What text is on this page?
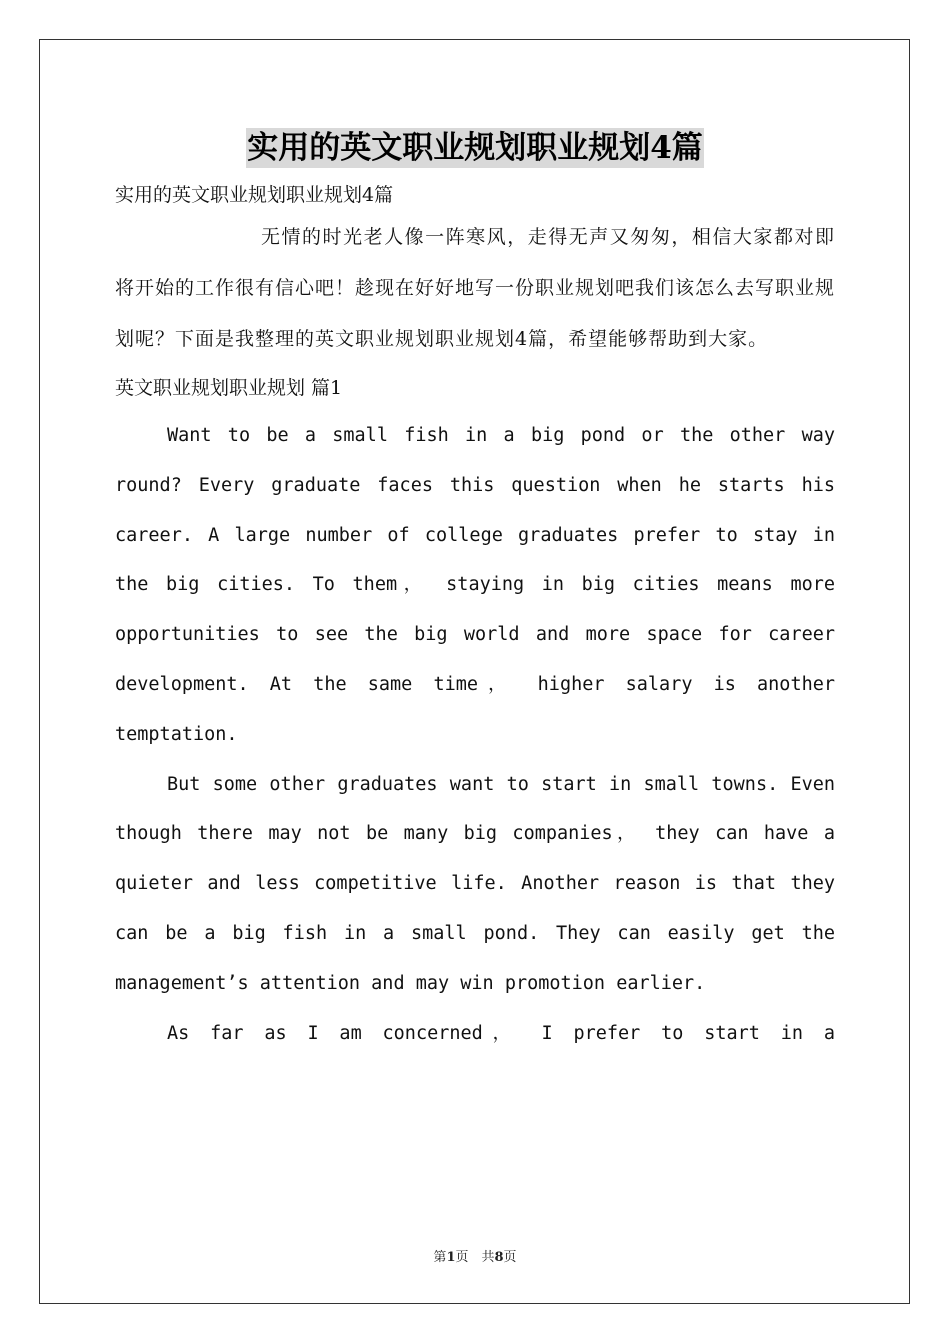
实用的英文职业规划职业规划4篇

实用的英文职业规划职业规划4篇

无情的时光老人像一阵寒风，走得无声又匆匆，相信大家都对即将开始的工作很有信心吧！趁现在好好地写一份职业规划吧我们该怎么去写职业规划呢？下面是我整理的英文职业规划职业规划4篇，希望能够帮助到大家。

英文职业规划职业规划 篇1

Want to be a small fish in a big pond or the other way round? Every graduate faces this question when he starts his career. A large number of college graduates prefer to stay in the big cities. To them， staying in big cities means more opportunities to see the big world and more space for career development. At the same time， higher salary is another temptation.

But some other graduates want to start in small towns. Even though there may not be many big companies， they can have a quieter and less competitive life. Another reason is that they can be a big fish in a small pond. They can easily get the management’s attention and may win promotion earlier.

As far as I am concerned， I prefer to start in a

第1页　共8页
